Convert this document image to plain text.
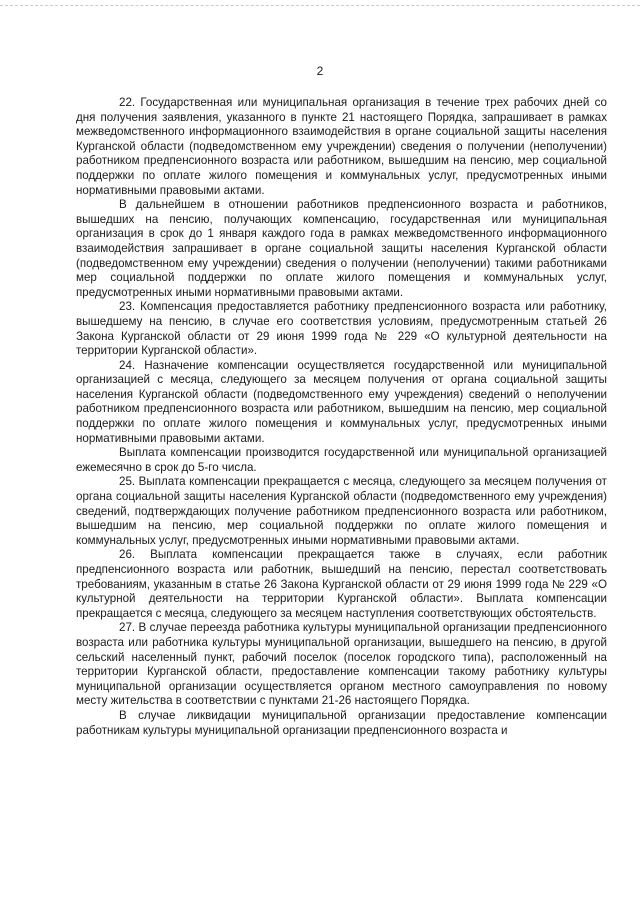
2

22. Государственная или муниципальная организация в течение трех рабочих дней со дня получения заявления, указанного в пункте 21 настоящего Порядка, запрашивает в рамках межведомственного информационного взаимодействия в органе социальной защиты населения Курганской области (подведомственном ему учреждении) сведения о получении (неполучении) работником предпенсионного возраста или работником, вышедшим на пенсию, мер социальной поддержки по оплате жилого помещения и коммунальных услуг, предусмотренных иными нормативными правовыми актами.

В дальнейшем в отношении работников предпенсионного возраста и работников, вышедших на пенсию, получающих компенсацию, государственная или муниципальная организация в срок до 1 января каждого года в рамках межведомственного информационного взаимодействия запрашивает в органе социальной защиты населения Курганской области (подведомственном ему учреждении) сведения о получении (неполучении) такими работниками мер социальной поддержки по оплате жилого помещения и коммунальных услуг, предусмотренных иными нормативными правовыми актами.

23. Компенсация предоставляется работнику предпенсионного возраста или работнику, вышедшему на пенсию, в случае его соответствия условиям, предусмотренным статьей 26 Закона Курганской области от 29 июня 1999 года № 229 «О культурной деятельности на территории Курганской области».

24. Назначение компенсации осуществляется государственной или муниципальной организацией с месяца, следующего за месяцем получения от органа социальной защиты населения Курганской области (подведомственного ему учреждения) сведений о неполучении работником предпенсионного возраста или работником, вышедшим на пенсию, мер социальной поддержки по оплате жилого помещения и коммунальных услуг, предусмотренных иными нормативными правовыми актами.

Выплата компенсации производится государственной или муниципальной организацией ежемесячно в срок до 5-го числа.

25. Выплата компенсации прекращается с месяца, следующего за месяцем получения от органа социальной защиты населения Курганской области (подведомственного ему учреждения) сведений, подтверждающих получение работником предпенсионного возраста или работником, вышедшим на пенсию, мер социальной поддержки по оплате жилого помещения и коммунальных услуг, предусмотренных иными нормативными правовыми актами.

26. Выплата компенсации прекращается также в случаях, если работник предпенсионного возраста или работник, вышедший на пенсию, перестал соответствовать требованиям, указанным в статье 26 Закона Курганской области от 29 июня 1999 года № 229 «О культурной деятельности на территории Курганской области». Выплата компенсации прекращается с месяца, следующего за месяцем наступления соответствующих обстоятельств.

27. В случае переезда работника культуры муниципальной организации предпенсионного возраста или работника культуры муниципальной организации, вышедшего на пенсию, в другой сельский населенный пункт, рабочий поселок (поселок городского типа), расположенный на территории Курганской области, предоставление компенсации такому работнику культуры муниципальной организации осуществляется органом местного самоуправления по новому месту жительства в соответствии с пунктами 21-26 настоящего Порядка.

В случае ликвидации муниципальной организации предоставление компенсации работникам культуры муниципальной организации предпенсионного возраста и
